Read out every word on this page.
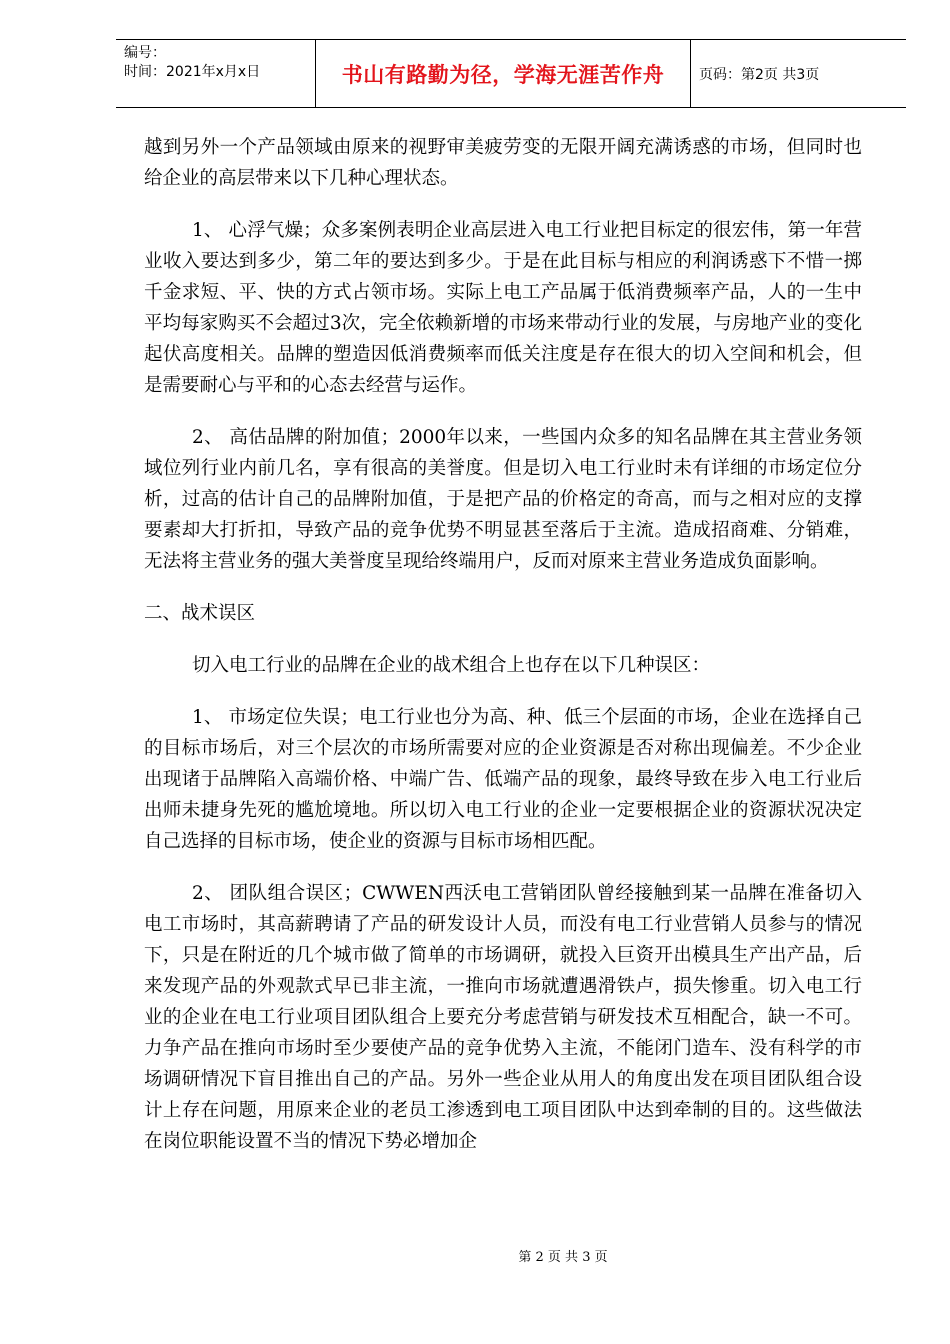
编号：
时间：2021年x月x日	书山有路勤为径，学海无涯苦作舟 页码：第2页 共3页

越到另外一个产品领域由原来的视野审美疲劳变的无限开阔充满诱惑的市场，但同时也给企业的高层带来以下几种心理状态。

1、 心浮气燥；众多案例表明企业高层进入电工行业把目标定的很宏伟，第一年营业收入要达到多少，第二年的要达到多少。于是在此目标与相应的利润诱惑下不惜一掷千金求短、平、快的方式占领市场。实际上电工产品属于低消费频率产品，人的一生中平均每家购买不会超过3次，完全依赖新增的市场来带动行业的发展，与房地产业的变化起伏高度相关。品牌的塑造因低消费频率而低关注度是存在很大的切入空间和机会，但是需要耐心与平和的心态去经营与运作。

2、 高估品牌的附加值；2000年以来，一些国内众多的知名品牌在其主营业务领域位列行业内前几名，享有很高的美誉度。但是切入电工行业时未有详细的市场定位分析，过高的估计自己的品牌附加值，于是把产品的价格定的奇高，而与之相对应的支撑要素却大打折扣，导致产品的竞争优势不明显甚至落后于主流。造成招商难、分销难，无法将主营业务的强大美誉度呈现给终端用户，反而对原来主营业务造成负面影响。

二、战术误区

切入电工行业的品牌在企业的战术组合上也存在以下几种误区：

1、 市场定位失误；电工行业也分为高、种、低三个层面的市场，企业在选择自己的目标市场后，对三个层次的市场所需要对应的企业资源是否对称出现偏差。不少企业出现诸于品牌陷入高端价格、中端广告、低端产品的现象，最终导致在步入电工行业后出师未捷身先死的尴尬境地。所以切入电工行业的企业一定要根据企业的资源状况决定自己选择的目标市场，使企业的资源与目标市场相匹配。

2、 团队组合误区；CWWEN西沃电工营销团队曾经接触到某一品牌在准备切入电工市场时，其高薪聘请了产品的研发设计人员，而没有电工行业营销人员参与的情况下，只是在附近的几个城市做了简单的市场调研，就投入巨资开出模具生产出产品，后来发现产品的外观款式早已非主流，一推向市场就遭遇滑铁卢，损失惨重。切入电工行业的企业在电工行业项目团队组合上要充分考虑营销与研发技术互相配合，缺一不可。力争产品在推向市场时至少要使产品的竞争优势入主流，不能闭门造车、没有科学的市场调研情况下盲目推出自己的产品。另外一些企业从用人的角度出发在项目团队组合设计上存在问题，用原来企业的老员工渗透到电工项目团队中达到牵制的目的。这些做法在岗位职能设置不当的情况下势必增加企

第 2 页 共 3 页
